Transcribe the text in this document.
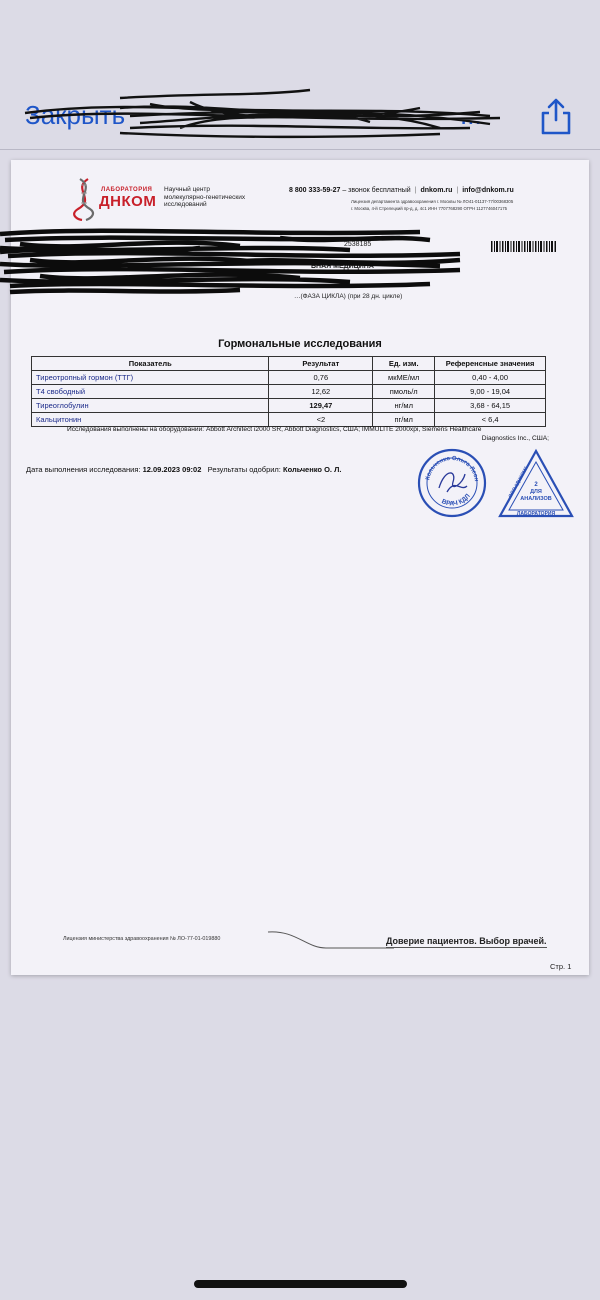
Закрыть	...
ЛАБОРАТОРИЯ
ДНКОМ
Научный центр
молекулярно-генетических
исследований
8 800 333-59-27 – звонок бесплатный | dnkom.ru | info@dnkom.ru
Лицензия департамента здравоохранения г. Москвы № ЛО41-01137-77/00368305
г. Москва, 4-й Стрелецкий пр-д, д. 4с1 ИНН 7707768290 ОГРН 1127746047175
2538185
ЬНАЯ МЕДИЦИНА
…(ФАЗА ЦИКЛА) (при 28 дн. цикле)
Гормональные исследования
Показатель	Результат	Ед. изм.	Референсные значения
Тиреотропный гормон (ТТГ)	0,76	мкМЕ/мл	0,40 - 4,00
T4 свободный	12,62	пмоль/л	9,00 - 19,04
Тиреоглобулин	129,47	нг/мл	3,68 - 64,15
Кальцитонин	<2	пг/мл	< 6,4
Исследования выполнены на оборудовании: Abbott Architect i2000 SR, Abbott Diagnostics, США; IMMULITE 2000xpi, Siemens Healthcare
Diagnostics Inc., США;
Дата выполнения исследования: 12.09.2023 09:02 Результаты одобрил: Кольченко О. Л.
Кольченко Ольга Леон
ВРАЧ КДЛ
2
ДЛЯ
АНАЛИЗОВ
ЛАБОРАТОРИЯ
ООО "ДНКОМ"
Лицензия министерства здравоохранения № ЛО-77-01-019880	Доверие пациентов. Выбор врачей.
Стр. 1
